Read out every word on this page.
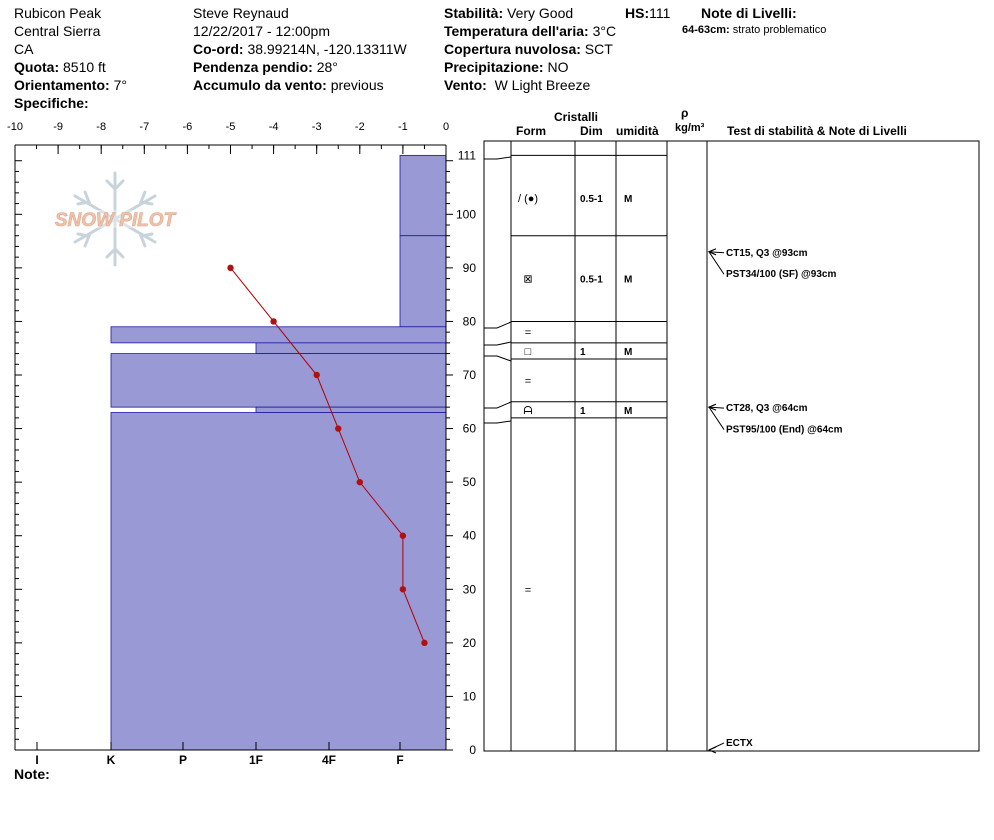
Rubicon Peak
Central Sierra
CA
Quota: 8510 ft
Orientamento: 7°
Specifiche:
Steve Reynaud
12/22/2017 - 12:00pm
Co-ord: 38.99214N, -120.13311W
Pendenza pendio: 28°
Accumulo da vento: previous
Stabilità: Very Good
Temperatura dell'aria: 3°C
Copertura nuvolosa: SCT
Precipitazione: NO
Vento: W Light Breeze
HS:111 Note di Livelli:
64-63cm: strato problematico
SNOW PILOT
-10	-9	-8	-7	-6	-5	-4	-3	-2	-1	0
0
10
20
30
40
50
60
70
80
90
100
111
I	K	P	1F	4F	F
/ (●)	0.5-1 M
⊠	0.5-1 M
=
□	1	M
=
ᗩ	1	M
=
CT15, Q3 @93cm
PST34/100 (SF) @93cm
CT28, Q3 @64cm
PST95/100 (End) @64cm
ECTX
Cristalli
Form	Dim umidità
ρ
kg/m³ Test di stabilità & Note di Livelli
Note:
